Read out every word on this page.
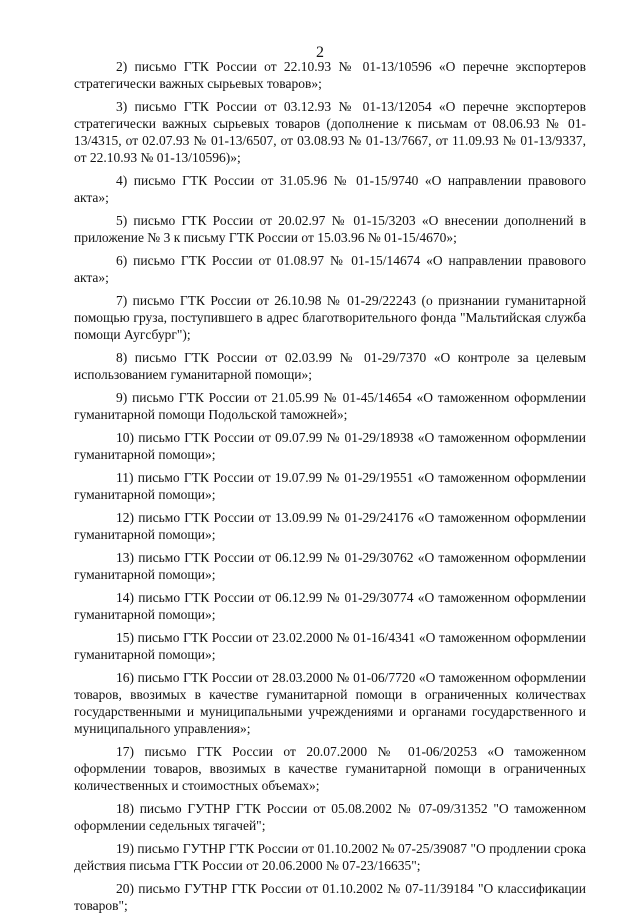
2

2) письмо ГТК России от 22.10.93 № 01-13/10596 «О перечне экспортеров стратегически важных сырьевых товаров»;

3) письмо ГТК России от 03.12.93 № 01-13/12054 «О перечне экспортеров стратегически важных сырьевых товаров (дополнение к письмам от 08.06.93 № 01-13/4315, от 02.07.93 № 01-13/6507, от 03.08.93 № 01-13/7667, от 11.09.93 № 01-13/9337, от 22.10.93 № 01-13/10596)»;

4) письмо ГТК России от 31.05.96 № 01-15/9740 «О направлении правового акта»;

5) письмо ГТК России от 20.02.97 № 01-15/3203 «О внесении дополнений в приложение № 3 к письму ГТК России от 15.03.96 № 01-15/4670»;

6) письмо ГТК России от 01.08.97 № 01-15/14674 «О направлении правового акта»;

7) письмо ГТК России от 26.10.98 № 01-29/22243 (о признании гуманитарной помощью груза, поступившего в адрес благотворительного фонда "Мальтийская служба помощи Аугсбург");

8) письмо ГТК России от 02.03.99 № 01-29/7370 «О контроле за целевым использованием гуманитарной помощи»;

9) письмо ГТК России от 21.05.99 № 01-45/14654 «О таможенном оформлении гуманитарной помощи Подольской таможней»;

10) письмо ГТК России от 09.07.99 № 01-29/18938 «О таможенном оформлении гуманитарной помощи»;

11) письмо ГТК России от 19.07.99 № 01-29/19551 «О таможенном оформлении гуманитарной помощи»;

12) письмо ГТК России от 13.09.99 № 01-29/24176 «О таможенном оформлении гуманитарной помощи»;

13) письмо ГТК России от 06.12.99 № 01-29/30762 «О таможенном оформлении гуманитарной помощи»;

14) письмо ГТК России от 06.12.99 № 01-29/30774 «О таможенном оформлении гуманитарной помощи»;

15) письмо ГТК России от 23.02.2000 № 01-16/4341 «О таможенном оформлении гуманитарной помощи»;

16) письмо ГТК России от 28.03.2000 № 01-06/7720 «О таможенном оформлении товаров, ввозимых в качестве гуманитарной помощи в ограниченных количествах государственными и муниципальными учреждениями и органами государственного и муниципального управления»;

17) письмо ГТК России от 20.07.2000 № 01-06/20253 «О таможенном оформлении товаров, ввозимых в качестве гуманитарной помощи в ограниченных количественных и стоимостных объемах»;

18) письмо ГУТНР ГТК России от 05.08.2002 № 07-09/31352 "О таможенном оформлении седельных тягачей";

19) письмо ГУТНР ГТК России от 01.10.2002 № 07-25/39087 "О продлении срока действия письма ГТК России от 20.06.2000 № 07-23/16635";

20) письмо ГУТНР ГТК России от 01.10.2002 № 07-11/39184 "О классификации товаров";
